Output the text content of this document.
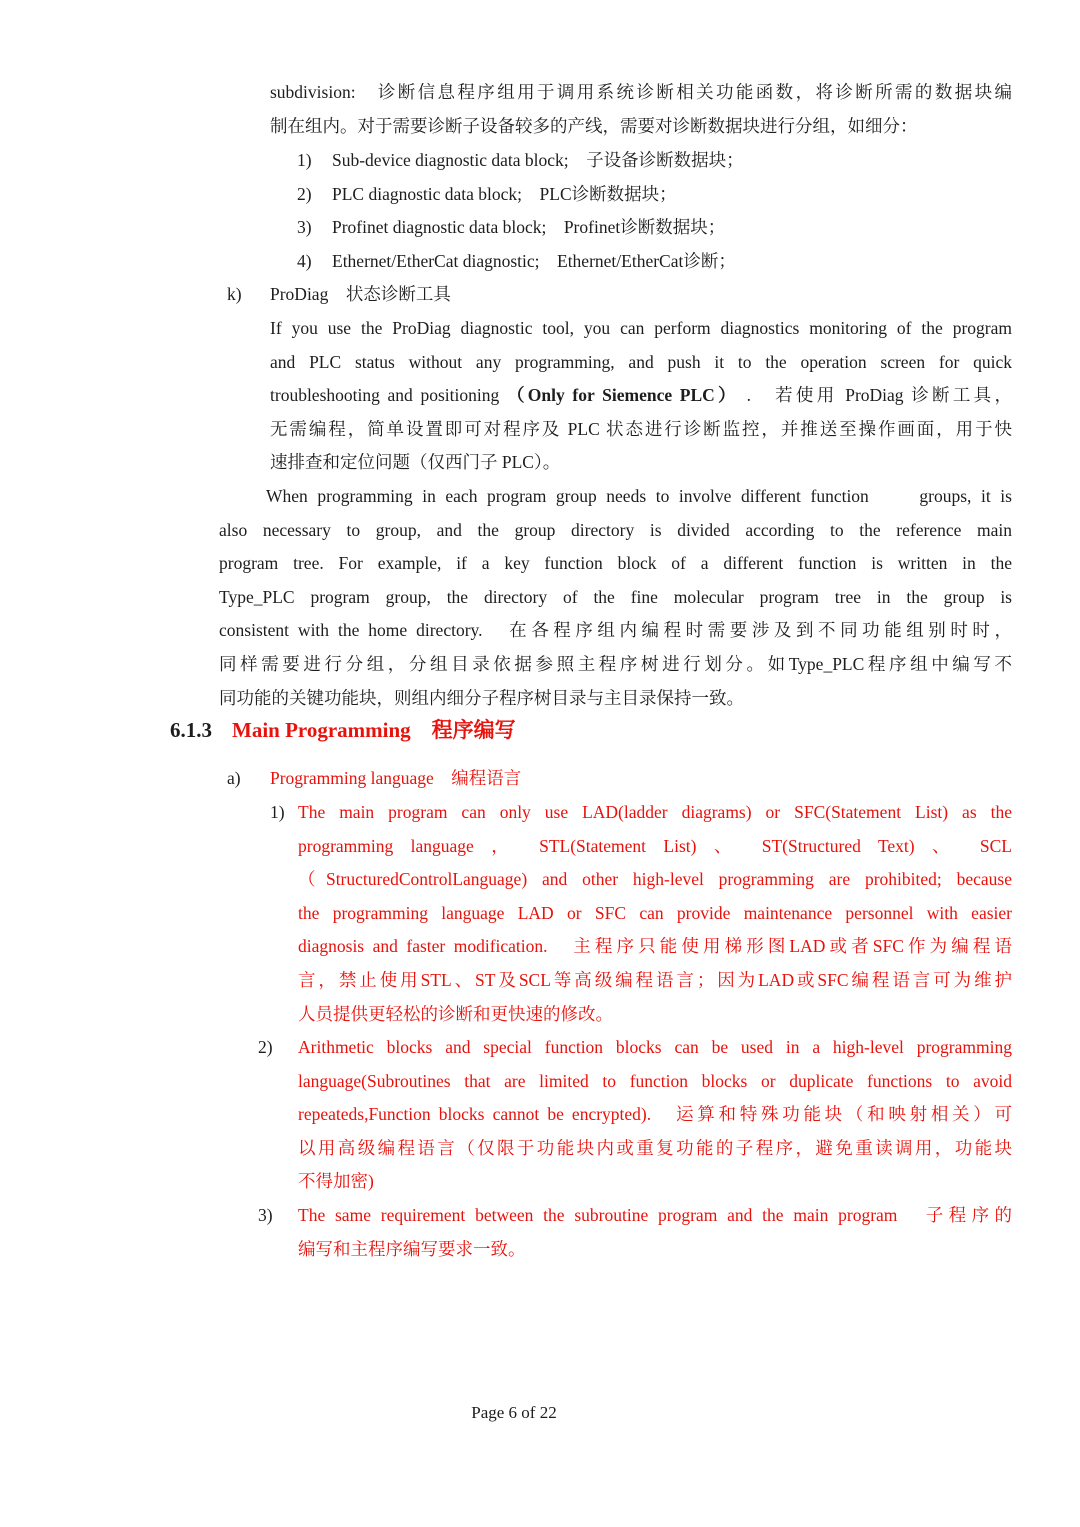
subdivision:　诊断信息程序组用于调用系统诊断相关功能函数，将诊断所需的数据块编
制在组内。对于需要诊断子设备较多的产线，需要对诊断数据块进行分组，如细分：
1) Sub-device diagnostic data block;　子设备诊断数据块；
2) PLC diagnostic data block;　PLC诊断数据块；
3) Profinet diagnostic data block;　Profinet诊断数据块；
4) Ethernet/EtherCat diagnostic;　Ethernet/EtherCat诊断；
k) ProDiag　状态诊断工具
If you use the ProDiag diagnostic tool, you can perform diagnostics monitoring of the program
and PLC status without any programming, and push it to the operation screen for quick
troubleshooting and positioning （Only for Siemence PLC） .　若使用 ProDiag 诊断工具，
无需编程，简单设置即可对程序及 PLC 状态进行诊断监控，并推送至操作画面，用于快
速排查和定位问题（仅西门子 PLC）。
When programming in each program group needs to involve different function　　groups, it is
also necessary to group, and the group directory is divided according to the reference main
program tree. For example, if a key function block of a different function is written in the
Type_PLC program group, the directory of the fine molecular program tree in the group is
consistent with the home directory.　在各程序组内编程时需要涉及到不同功能组别时时，
同样需要进行分组，分组目录依据参照主程序树进行划分。如Type_PLC程序组中编写不
同功能的关键功能块，则组内细分子程序树目录与主目录保持一致。
6.1.3 Main Programming　程序编写
a) Programming language　编程语言
1) The main program can only use LAD(ladder diagrams) or SFC(Statement List) as the
programming language ， STL(Statement List) 、 ST(Structured Text) 、 SCL
（StructuredControlLanguage) and other high-level programming are prohibited; because
the programming language LAD or SFC can provide maintenance personnel with easier
diagnosis and faster modification.　主程序只能使用梯形图LAD或者SFC作为编程语
言，禁止使用STL、ST及SCL等高级编程语言；因为LAD或SFC编程语言可为维护
人员提供更轻松的诊断和更快速的修改。
2) Arithmetic blocks and special function blocks can be used in a high-level programming
language(Subroutines that are limited to function blocks or duplicate functions to avoid
repeateds,Function blocks cannot be encrypted).　运算和特殊功能块（和映射相关）可
以用高级编程语言（仅限于功能块内或重复功能的子程序，避免重读调用，功能块
不得加密)
3) The same requirement between the subroutine program and the main program　子程序的
编写和主程序编写要求一致。
Page 6 of 22
